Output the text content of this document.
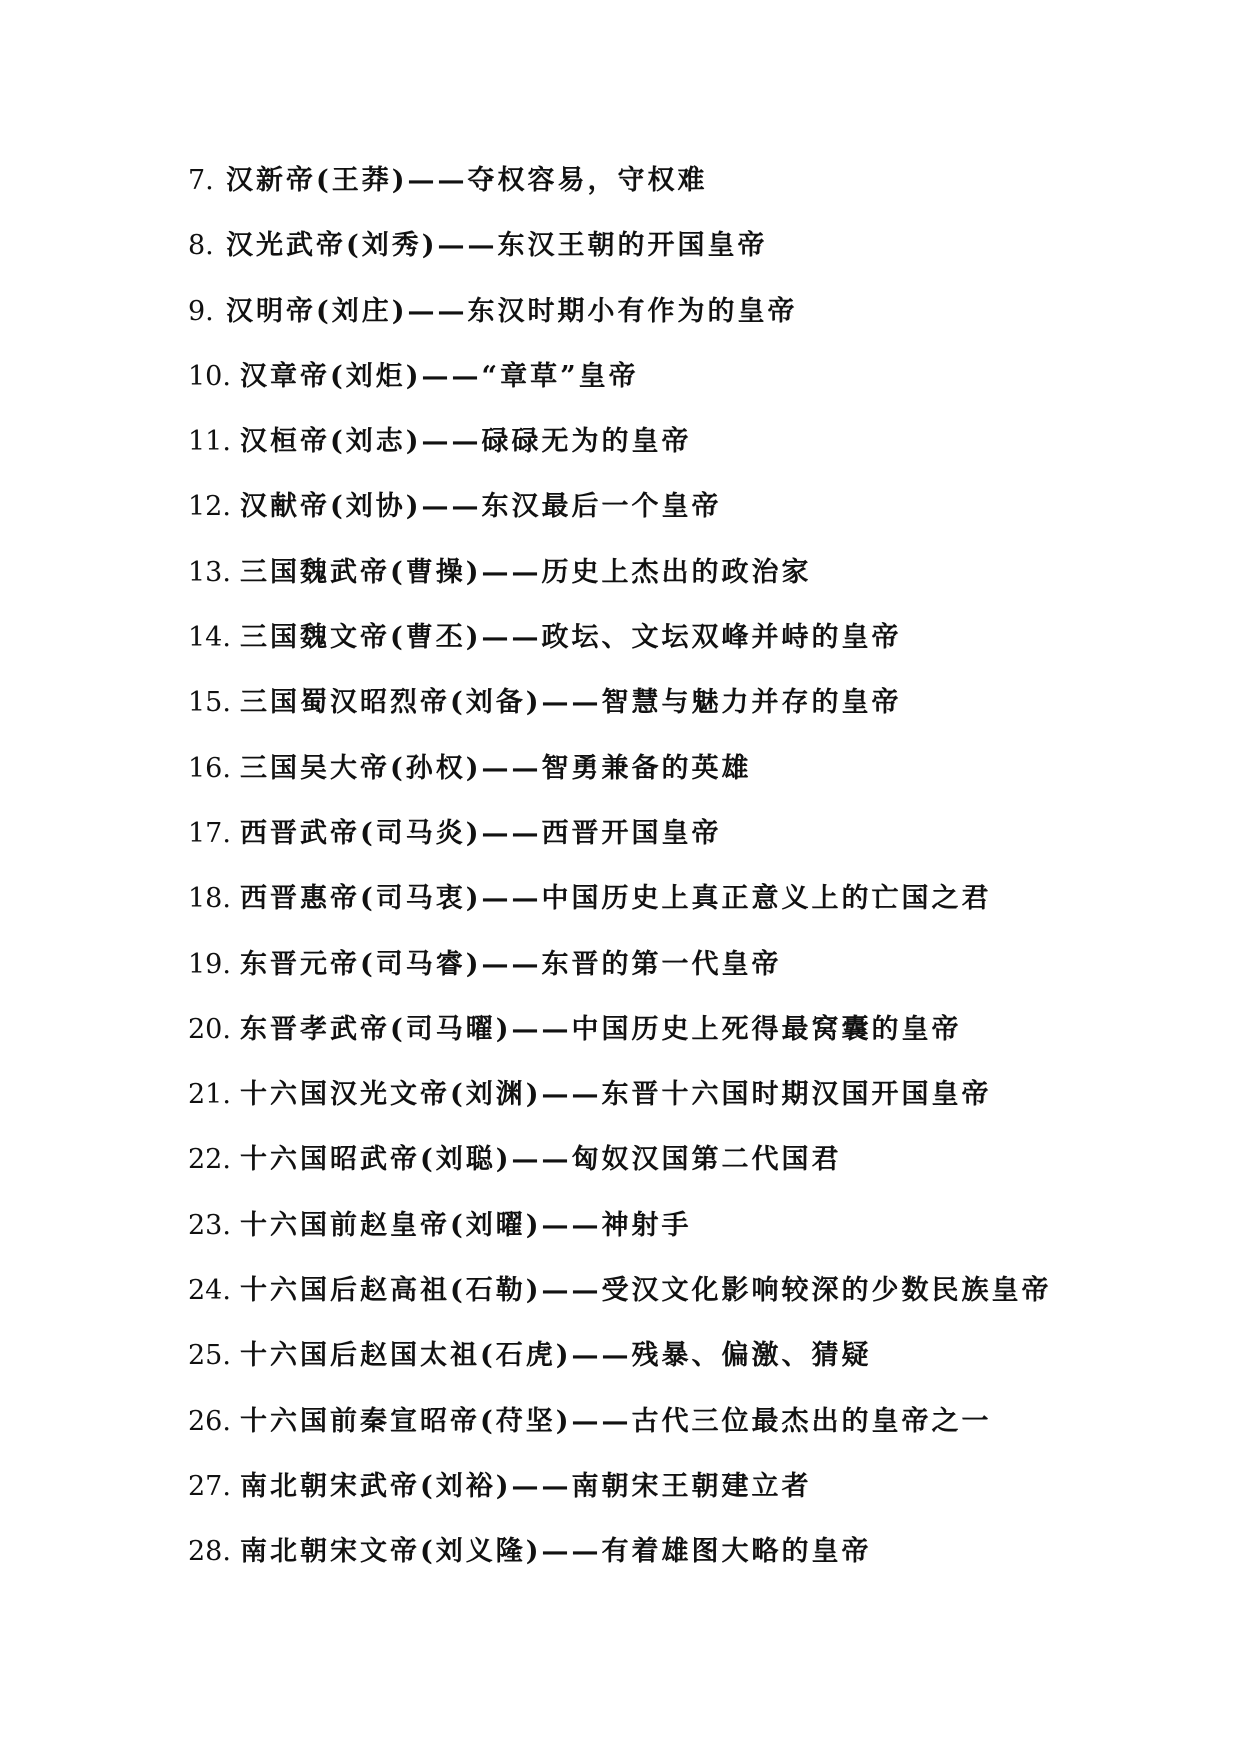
7. 汉新帝(王莽)——夺权容易，守权难
8. 汉光武帝(刘秀)——东汉王朝的开国皇帝
9. 汉明帝(刘庄)——东汉时期小有作为的皇帝
10. 汉章帝(刘炬)——“章草”皇帝
11. 汉桓帝(刘志)——碌碌无为的皇帝
12. 汉献帝(刘协)——东汉最后一个皇帝
13. 三国魏武帝(曹操)——历史上杰出的政治家
14. 三国魏文帝(曹丕)——政坛、文坛双峰并峙的皇帝
15. 三国蜀汉昭烈帝(刘备)——智慧与魅力并存的皇帝
16. 三国吴大帝(孙权)——智勇兼备的英雄
17. 西晋武帝(司马炎)——西晋开国皇帝
18. 西晋惠帝(司马衷)——中国历史上真正意义上的亡国之君
19. 东晋元帝(司马睿)——东晋的第一代皇帝
20. 东晋孝武帝(司马曜)——中国历史上死得最窝囊的皇帝
21. 十六国汉光文帝(刘渊)——东晋十六国时期汉国开国皇帝
22. 十六国昭武帝(刘聪)——匈奴汉国第二代国君
23. 十六国前赵皇帝(刘曜)——神射手
24. 十六国后赵高祖(石勒)——受汉文化影响较深的少数民族皇帝
25. 十六国后赵国太祖(石虎)——残暴、偏激、猜疑
26. 十六国前秦宣昭帝(苻坚)——古代三位最杰出的皇帝之一
27. 南北朝宋武帝(刘裕)——南朝宋王朝建立者
28. 南北朝宋文帝(刘义隆)——有着雄图大略的皇帝
